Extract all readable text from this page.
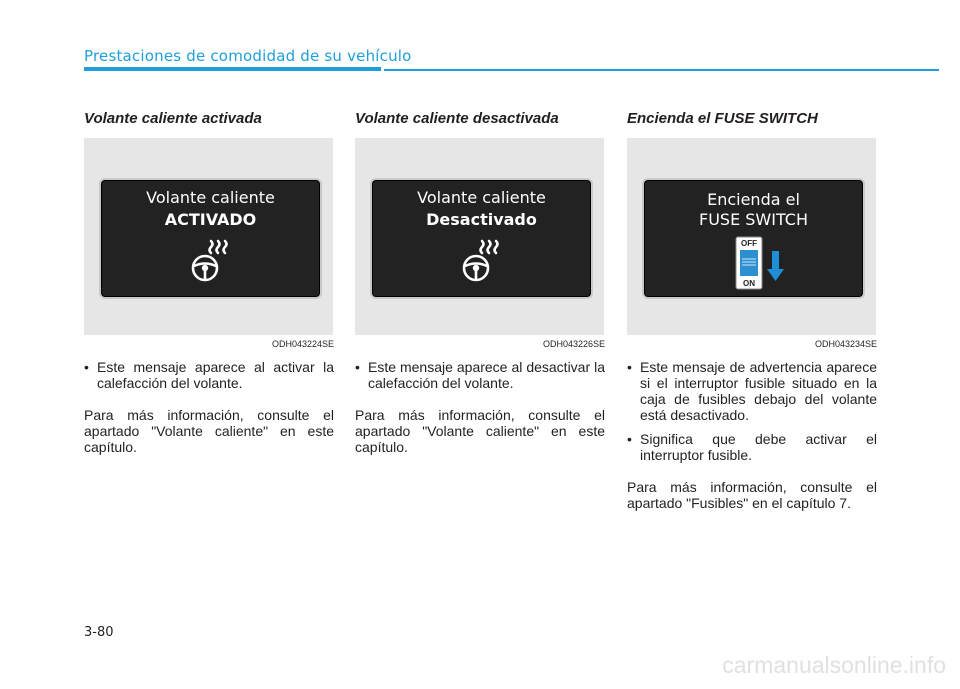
Prestaciones de comodidad de su vehículo
Volante caliente activada
Volante caliente
ACTIVADO
ODH043224SE

• Este mensaje aparece al activar la calefacción del volante.

Para más información, consulte el apartado "Volante caliente" en este capítulo.

Volante caliente desactivada
Volante caliente
Desactivado
ODH043226SE

• Este mensaje aparece al desactivar la calefacción del volante.

Para más información, consulte el apartado "Volante caliente" en este capítulo.

Encienda el FUSE SWITCH
Encienda el
FUSE SWITCH
OFF
ON
ODH043234SE

• Este mensaje de advertencia aparece si el interruptor fusible situado en la caja de fusibles debajo del volante está desactivado.

• Significa que debe activar el interruptor fusible.

Para más información, consulte el apartado "Fusibles" en el capítulo 7.

3-80
carmanualsonline.info
